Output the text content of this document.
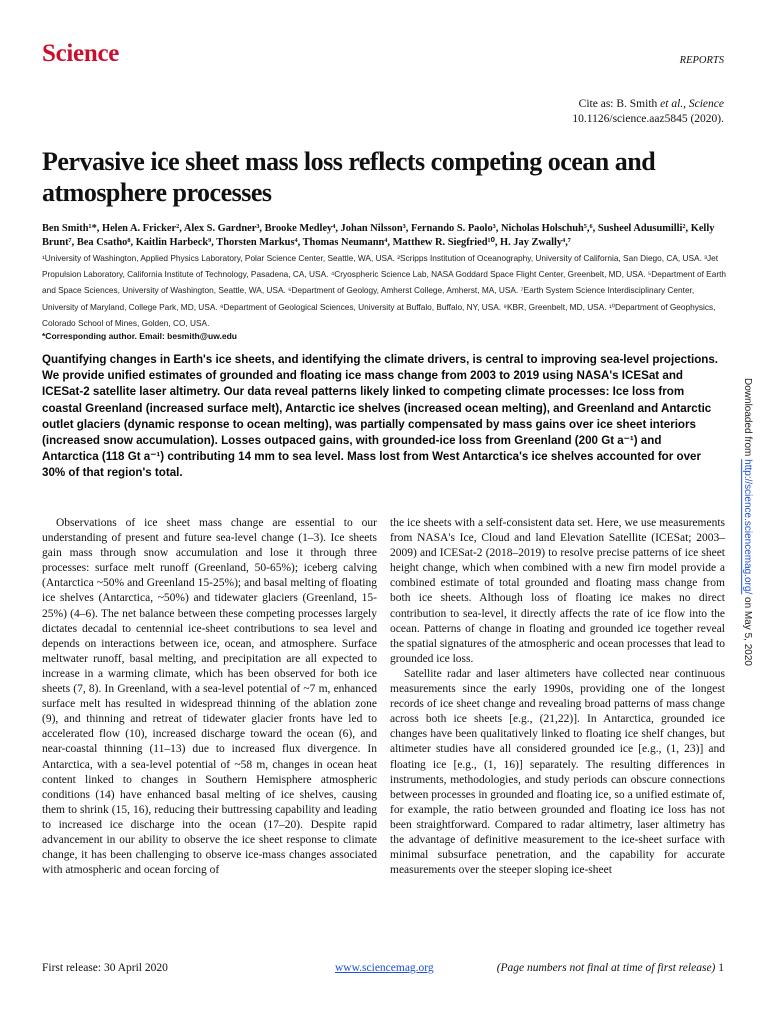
Science	REPORTS
Cite as: B. Smith et al., Science
10.1126/science.aaz5845 (2020).
Pervasive ice sheet mass loss reflects competing ocean and atmosphere processes
Ben Smith¹*, Helen A. Fricker², Alex S. Gardner³, Brooke Medley⁴, Johan Nilsson³, Fernando S. Paolo³, Nicholas Holschuh⁵,⁶, Susheel Adusumilli², Kelly Brunt⁷, Bea Csatho⁸, Kaitlin Harbeck⁹, Thorsten Markus⁴, Thomas Neumann⁴, Matthew R. Siegfried¹⁰, H. Jay Zwally⁴,⁷
¹University of Washington, Applied Physics Laboratory, Polar Science Center, Seattle, WA, USA. ²Scripps Institution of Oceanography, University of California, San Diego, CA, USA. ³Jet Propulsion Laboratory, California Institute of Technology, Pasadena, CA, USA. ⁴Cryospheric Science Lab, NASA Goddard Space Flight Center, Greenbelt, MD, USA. ⁵Department of Earth and Space Sciences, University of Washington, Seattle, WA, USA. ⁶Department of Geology, Amherst College, Amherst, MA, USA. ⁷Earth System Science Interdisciplinary Center, University of Maryland, College Park, MD, USA. ⁸Department of Geological Sciences, University at Buffalo, Buffalo, NY, USA. ⁹KBR, Greenbelt, MD, USA. ¹⁰Department of Geophysics, Colorado School of Mines, Golden, CO, USA.
*Corresponding author. Email: besmith@uw.edu
Quantifying changes in Earth's ice sheets, and identifying the climate drivers, is central to improving sea-level projections. We provide unified estimates of grounded and floating ice mass change from 2003 to 2019 using NASA's ICESat and ICESat-2 satellite laser altimetry. Our data reveal patterns likely linked to competing climate processes: Ice loss from coastal Greenland (increased surface melt), Antarctic ice shelves (increased ocean melting), and Greenland and Antarctic outlet glaciers (dynamic response to ocean melting), was partially compensated by mass gains over ice sheet interiors (increased snow accumulation). Losses outpaced gains, with grounded-ice loss from Greenland (200 Gt a⁻¹) and Antarctica (118 Gt a⁻¹) contributing 14 mm to sea level. Mass lost from West Antarctica's ice shelves accounted for over 30% of that region's total.

Observations of ice sheet mass change are essential to our understanding of present and future sea-level change (1–3). Ice sheets gain mass through snow accumulation and lose it through three processes: surface melt runoff (Greenland, 50-65%); iceberg calving (Antarctica ~50% and Greenland 15-25%); and basal melting of floating ice shelves (Antarctica, ~50%) and tidewater glaciers (Greenland, 15-25%) (4–6). The net balance between these competing processes largely dictates decadal to centennial ice-sheet contributions to sea level and depends on interactions between ice, ocean, and atmosphere. Surface meltwater runoff, basal melting, and precipitation are all expected to increase in a warming climate, which has been observed for both ice sheets (7, 8). In Greenland, with a sea-level potential of ~7 m, enhanced surface melt has resulted in widespread thinning of the ablation zone (9), and thinning and retreat of tidewater glacier fronts have led to accelerated flow (10), increased discharge toward the ocean (6), and near-coastal thinning (11–13) due to increased flux divergence. In Antarctica, with a sea-level potential of ~58 m, changes in ocean heat content linked to changes in Southern Hemisphere atmospheric conditions (14) have enhanced basal melting of ice shelves, causing them to shrink (15, 16), reducing their buttressing capability and leading to increased ice discharge into the ocean (17–20). Despite rapid advancement in our ability to observe the ice sheet response to climate change, it has been challenging to observe ice-mass changes associated with atmospheric and ocean forcing of

the ice sheets with a self-consistent data set. Here, we use measurements from NASA's Ice, Cloud and land Elevation Satellite (ICESat; 2003–2009) and ICESat-2 (2018–2019) to resolve precise patterns of ice sheet height change, which when combined with a new firn model provide a combined estimate of total grounded and floating mass change from both ice sheets. Although loss of floating ice makes no direct contribution to sea-level, it directly affects the rate of ice flow into the ocean. Patterns of change in floating and grounded ice together reveal the spatial signatures of the atmospheric and ocean processes that lead to grounded ice loss.

Satellite radar and laser altimeters have collected near continuous measurements since the early 1990s, providing one of the longest records of ice sheet change and revealing broad patterns of mass change across both ice sheets [e.g., (21,22)]. In Antarctica, grounded ice changes have been qualitatively linked to floating ice shelf changes, but altimeter studies have all considered grounded ice [e.g., (1, 23)] and floating ice [e.g., (1, 16)] separately. The resulting differences in instruments, methodologies, and study periods can obscure connections between processes in grounded and floating ice, so a unified estimate of, for example, the ratio between grounded and floating ice loss has not been straightforward. Compared to radar altimetry, laser altimetry has the advantage of definitive measurement to the ice-sheet surface with minimal subsurface penetration, and the capability for accurate measurements over the steeper sloping ice-sheet

Downloaded from http://science.sciencemag.org/ on May 5, 2020
First release: 30 April 2020	www.sciencemag.org	(Page numbers not final at time of first release) 1
